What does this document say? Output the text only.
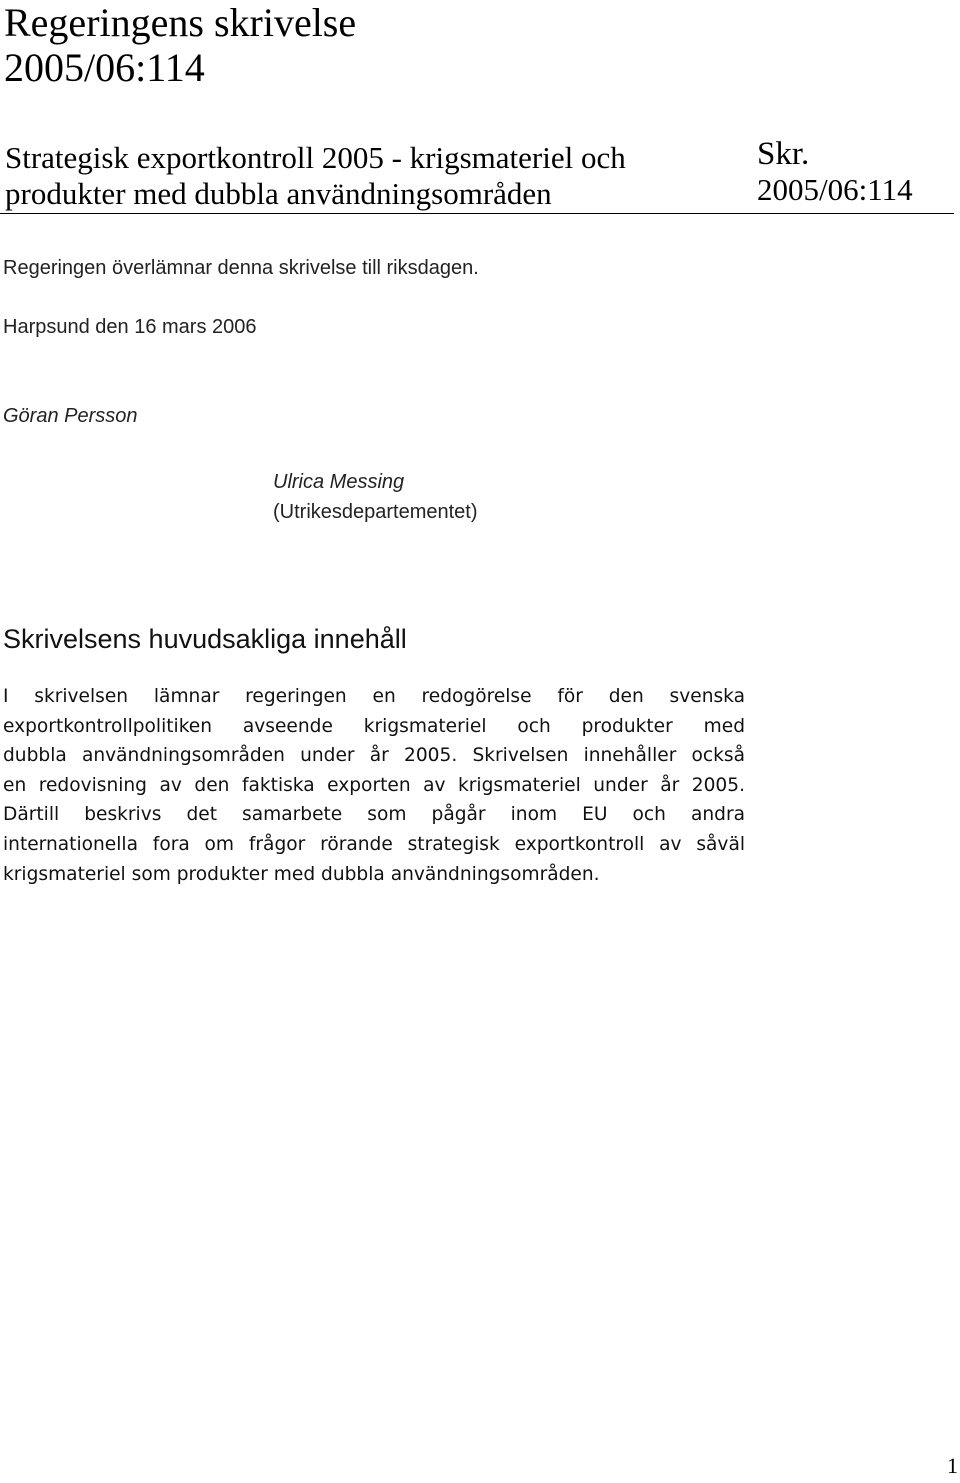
Regeringens skrivelse
2005/06:114
Strategisk exportkontroll 2005 - krigsmateriel och
produkter med dubbla användningsområden
Skr.
2005/06:114

Regeringen överlämnar denna skrivelse till riksdagen.

Harpsund den 16 mars 2006

Göran Persson

Ulrica Messing
(Utrikesdepartementet)
Skrivelsens huvudsakliga innehåll
I skrivelsen lämnar regeringen en redogörelse för den svenska
exportkontrollpolitiken avseende krigsmateriel och produkter med
dubbla användningsområden under år 2005. Skrivelsen innehåller också
en redovisning av den faktiska exporten av krigsmateriel under år 2005.
Därtill beskrivs det samarbete som pågår inom EU och andra
internationella fora om frågor rörande strategisk exportkontroll av såväl
krigsmateriel som produkter med dubbla användningsområden.
1
